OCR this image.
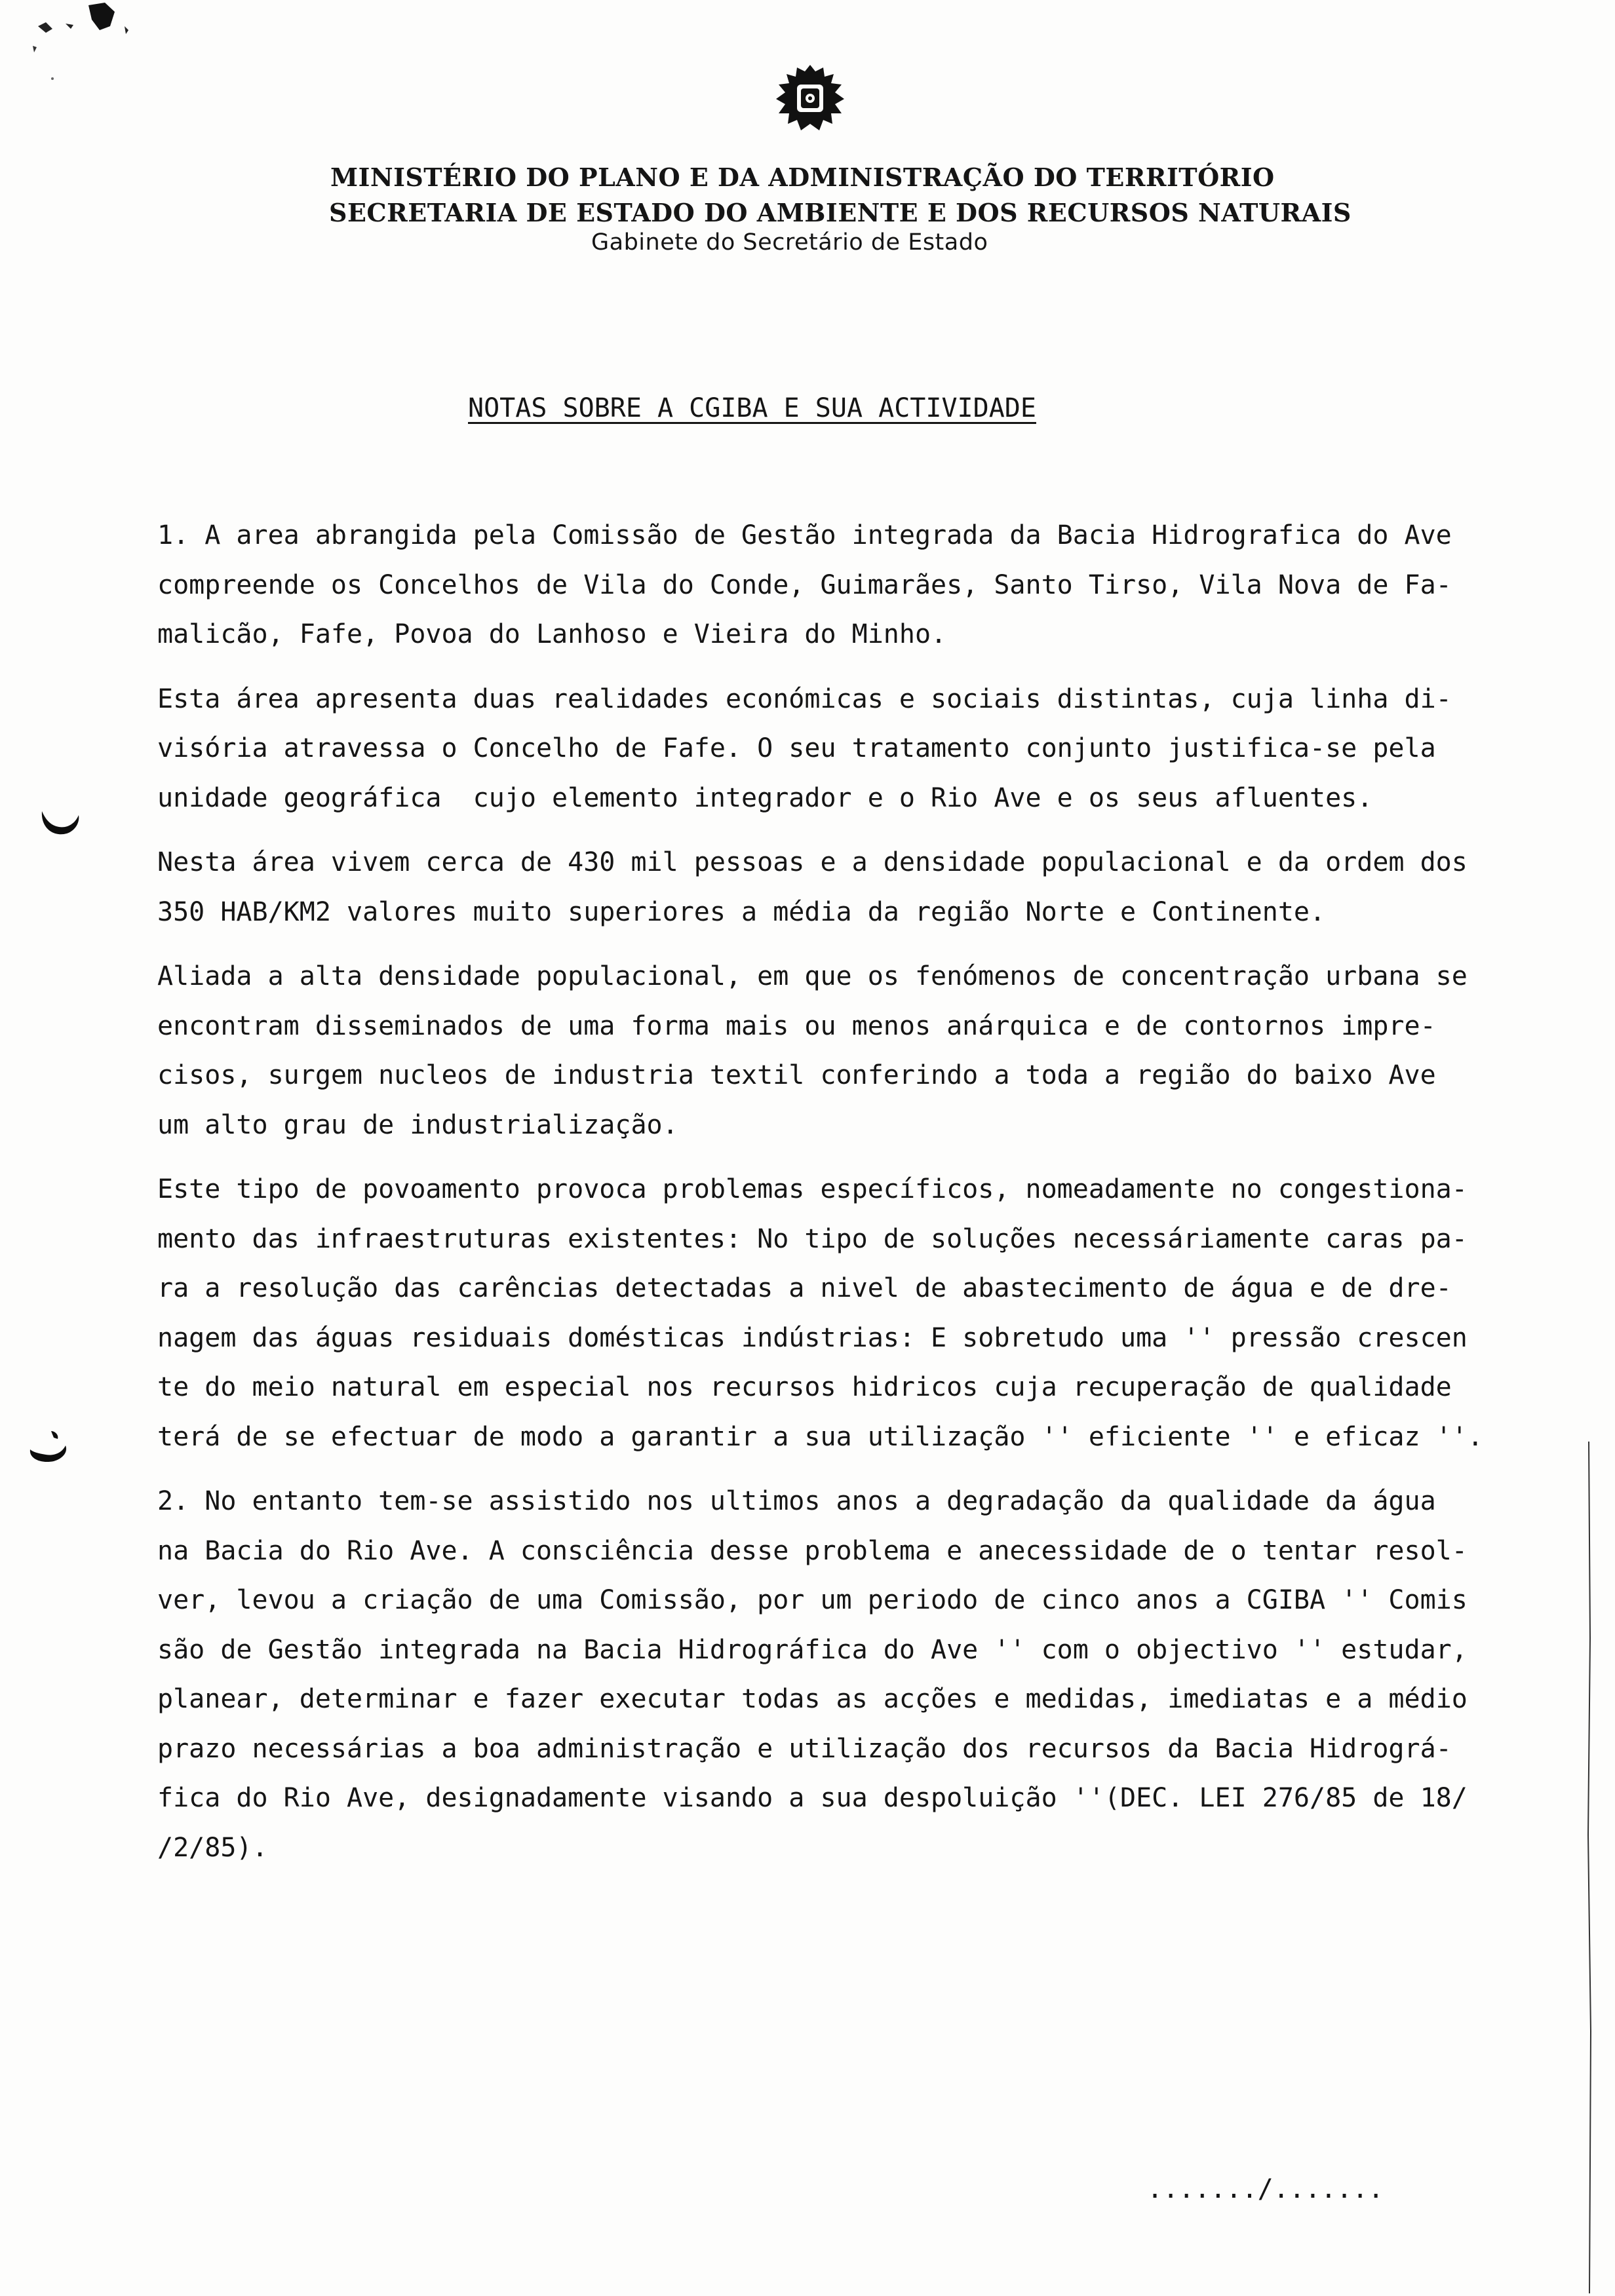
MINISTÉRIO DO PLANO E DA ADMINISTRAÇÃO DO TERRITÓRIO
SECRETARIA DE ESTADO DO AMBIENTE E DOS RECURSOS NATURAIS
Gabinete do Secretário de Estado
NOTAS SOBRE A CGIBA E SUA ACTIVIDADE
1. A area abrangida pela Comissão de Gestão integrada da Bacia Hidrografica do Ave
compreende os Concelhos de Vila do Conde, Guimarães, Santo Tirso, Vila Nova de Fa-
malicão, Fafe, Povoa do Lanhoso e Vieira do Minho.
Esta área apresenta duas realidades económicas e sociais distintas, cuja linha di-
visória atravessa o Concelho de Fafe. O seu tratamento conjunto justifica-se pela
unidade geográfica  cujo elemento integrador e o Rio Ave e os seus afluentes.
Nesta área vivem cerca de 430 mil pessoas e a densidade populacional e da ordem dos
350 HAB/KM2 valores muito superiores a média da região Norte e Continente.
Aliada a alta densidade populacional, em que os fenómenos de concentração urbana se
encontram disseminados de uma forma mais ou menos anárquica e de contornos impre-
cisos, surgem nucleos de industria textil conferindo a toda a região do baixo Ave
um alto grau de industrialização.
Este tipo de povoamento provoca problemas específicos, nomeadamente no congestiona-
mento das infraestruturas existentes: No tipo de soluções necessáriamente caras pa-
ra a resolução das carências detectadas a nivel de abastecimento de água e de dre-
nagem das águas residuais domésticas indústrias: E sobretudo uma '' pressão crescen
te do meio natural em especial nos recursos hidricos cuja recuperação de qualidade
terá de se efectuar de modo a garantir a sua utilização '' eficiente '' e eficaz ''.
2. No entanto tem-se assistido nos ultimos anos a degradação da qualidade da água
na Bacia do Rio Ave. A consciência desse problema e anecessidade de o tentar resol-
ver, levou a criação de uma Comissão, por um periodo de cinco anos a CGIBA '' Comis
são de Gestão integrada na Bacia Hidrográfica do Ave '' com o objectivo '' estudar,
planear, determinar e fazer executar todas as acções e medidas, imediatas e a médio
prazo necessárias a boa administração e utilização dos recursos da Bacia Hidrográ-
fica do Rio Ave, designadamente visando a sua despoluição ''(DEC. LEI 276/85 de 18/
/2/85).
......./.......
